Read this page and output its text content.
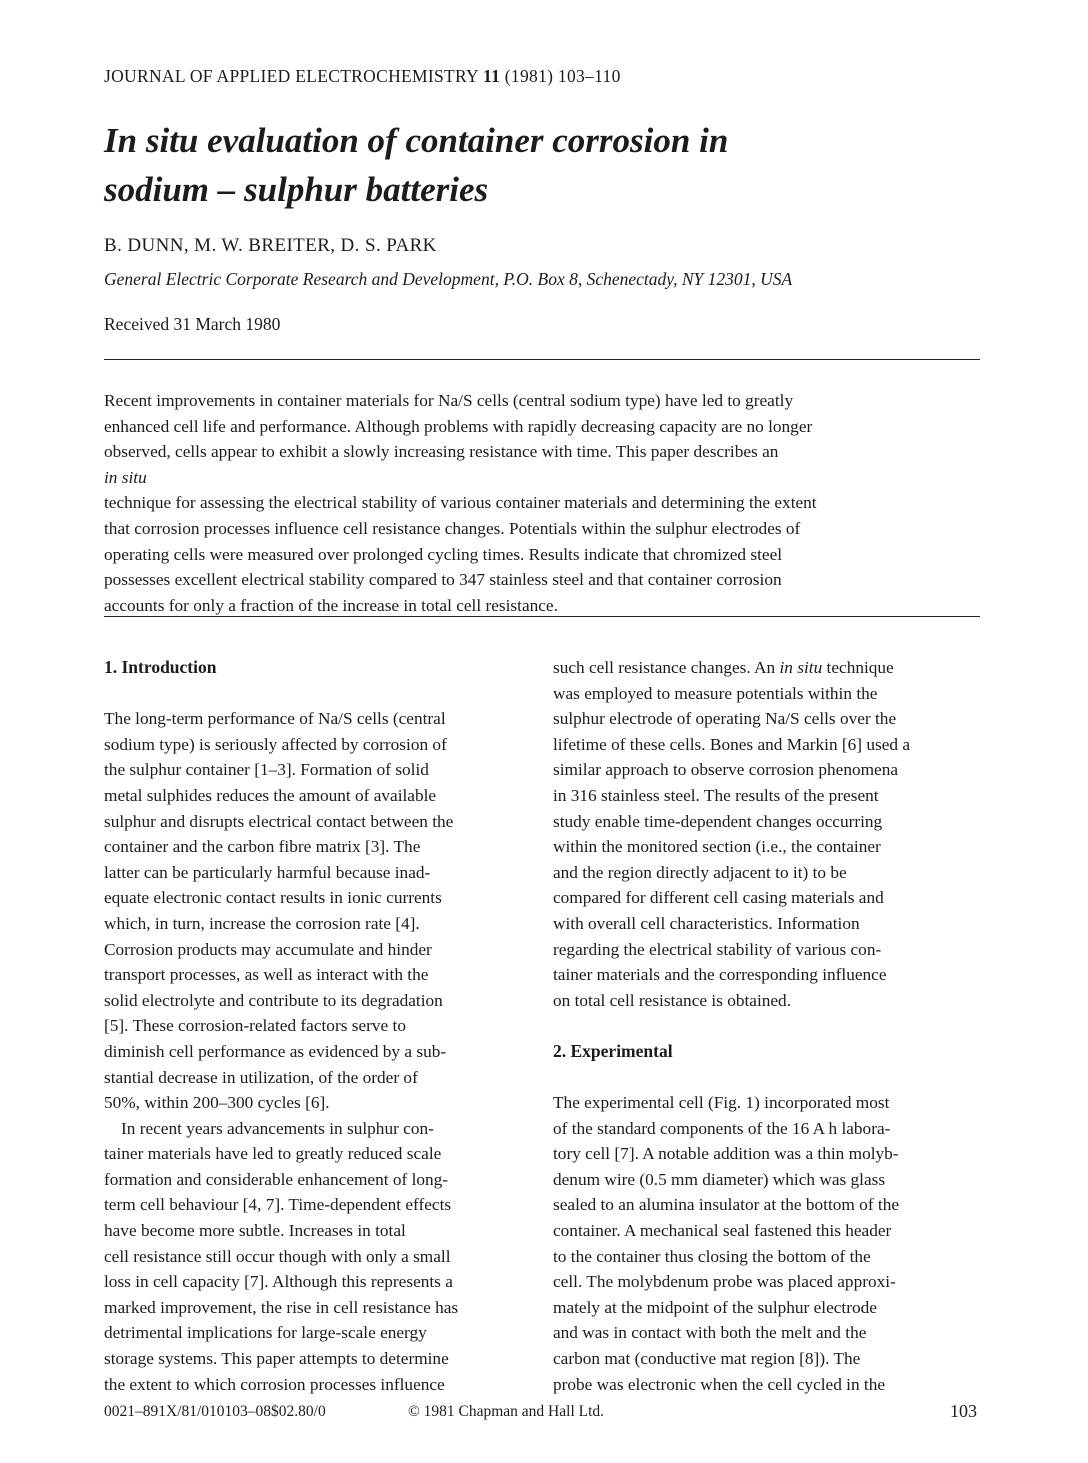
JOURNAL OF APPLIED ELECTROCHEMISTRY 11 (1981) 103–110
In situ evaluation of container corrosion in
sodium – sulphur batteries
B. DUNN, M. W. BREITER, D. S. PARK
General Electric Corporate Research and Development, P.O. Box 8, Schenectady, NY 12301, USA
Received 31 March 1980
Recent improvements in container materials for Na/S cells (central sodium type) have led to greatly
enhanced cell life and performance. Although problems with rapidly decreasing capacity are no longer
observed, cells appear to exhibit a slowly increasing resistance with time. This paper describes an
in situ
technique for assessing the electrical stability of various container materials and determining the extent
that corrosion processes influence cell resistance changes. Potentials within the sulphur electrodes of
operating cells were measured over prolonged cycling times. Results indicate that chromized steel
possesses excellent electrical stability compared to 347 stainless steel and that container corrosion
accounts for only a fraction of the increase in total cell resistance.
1. Introduction
The long-term performance of Na/S cells (central
sodium type) is seriously affected by corrosion of
the sulphur container [1–3]. Formation of solid
metal sulphides reduces the amount of available
sulphur and disrupts electrical contact between the
container and the carbon fibre matrix [3]. The
latter can be particularly harmful because inad-
equate electronic contact results in ionic currents
which, in turn, increase the corrosion rate [4].
Corrosion products may accumulate and hinder
transport processes, as well as interact with the
solid electrolyte and contribute to its degradation
[5]. These corrosion-related factors serve to
diminish cell performance as evidenced by a sub-
stantial decrease in utilization, of the order of
50%, within 200–300 cycles [6].
In recent years advancements in sulphur con-
tainer materials have led to greatly reduced scale
formation and considerable enhancement of long-
term cell behaviour [4, 7]. Time-dependent effects
have become more subtle. Increases in total
cell resistance still occur though with only a small
loss in cell capacity [7]. Although this represents a
marked improvement, the rise in cell resistance has
detrimental implications for large-scale energy
storage systems. This paper attempts to determine
the extent to which corrosion processes influence
such cell resistance changes. An in situ technique
was employed to measure potentials within the
sulphur electrode of operating Na/S cells over the
lifetime of these cells. Bones and Markin [6] used a
similar approach to observe corrosion phenomena
in 316 stainless steel. The results of the present
study enable time-dependent changes occurring
within the monitored section (i.e., the container
and the region directly adjacent to it) to be
compared for different cell casing materials and
with overall cell characteristics. Information
regarding the electrical stability of various con-
tainer materials and the corresponding influence
on total cell resistance is obtained.
2. Experimental
The experimental cell (Fig. 1) incorporated most
of the standard components of the 16 A h labora-
tory cell [7]. A notable addition was a thin molyb-
denum wire (0.5 mm diameter) which was glass
sealed to an alumina insulator at the bottom of the
container. A mechanical seal fastened this header
to the container thus closing the bottom of the
cell. The molybdenum probe was placed approxi-
mately at the midpoint of the sulphur electrode
and was in contact with both the melt and the
carbon mat (conductive mat region [8]). The
probe was electronic when the cell cycled in the
0021–891X/81/010103–08$02.80/0	© 1981 Chapman and Hall Ltd.	103
